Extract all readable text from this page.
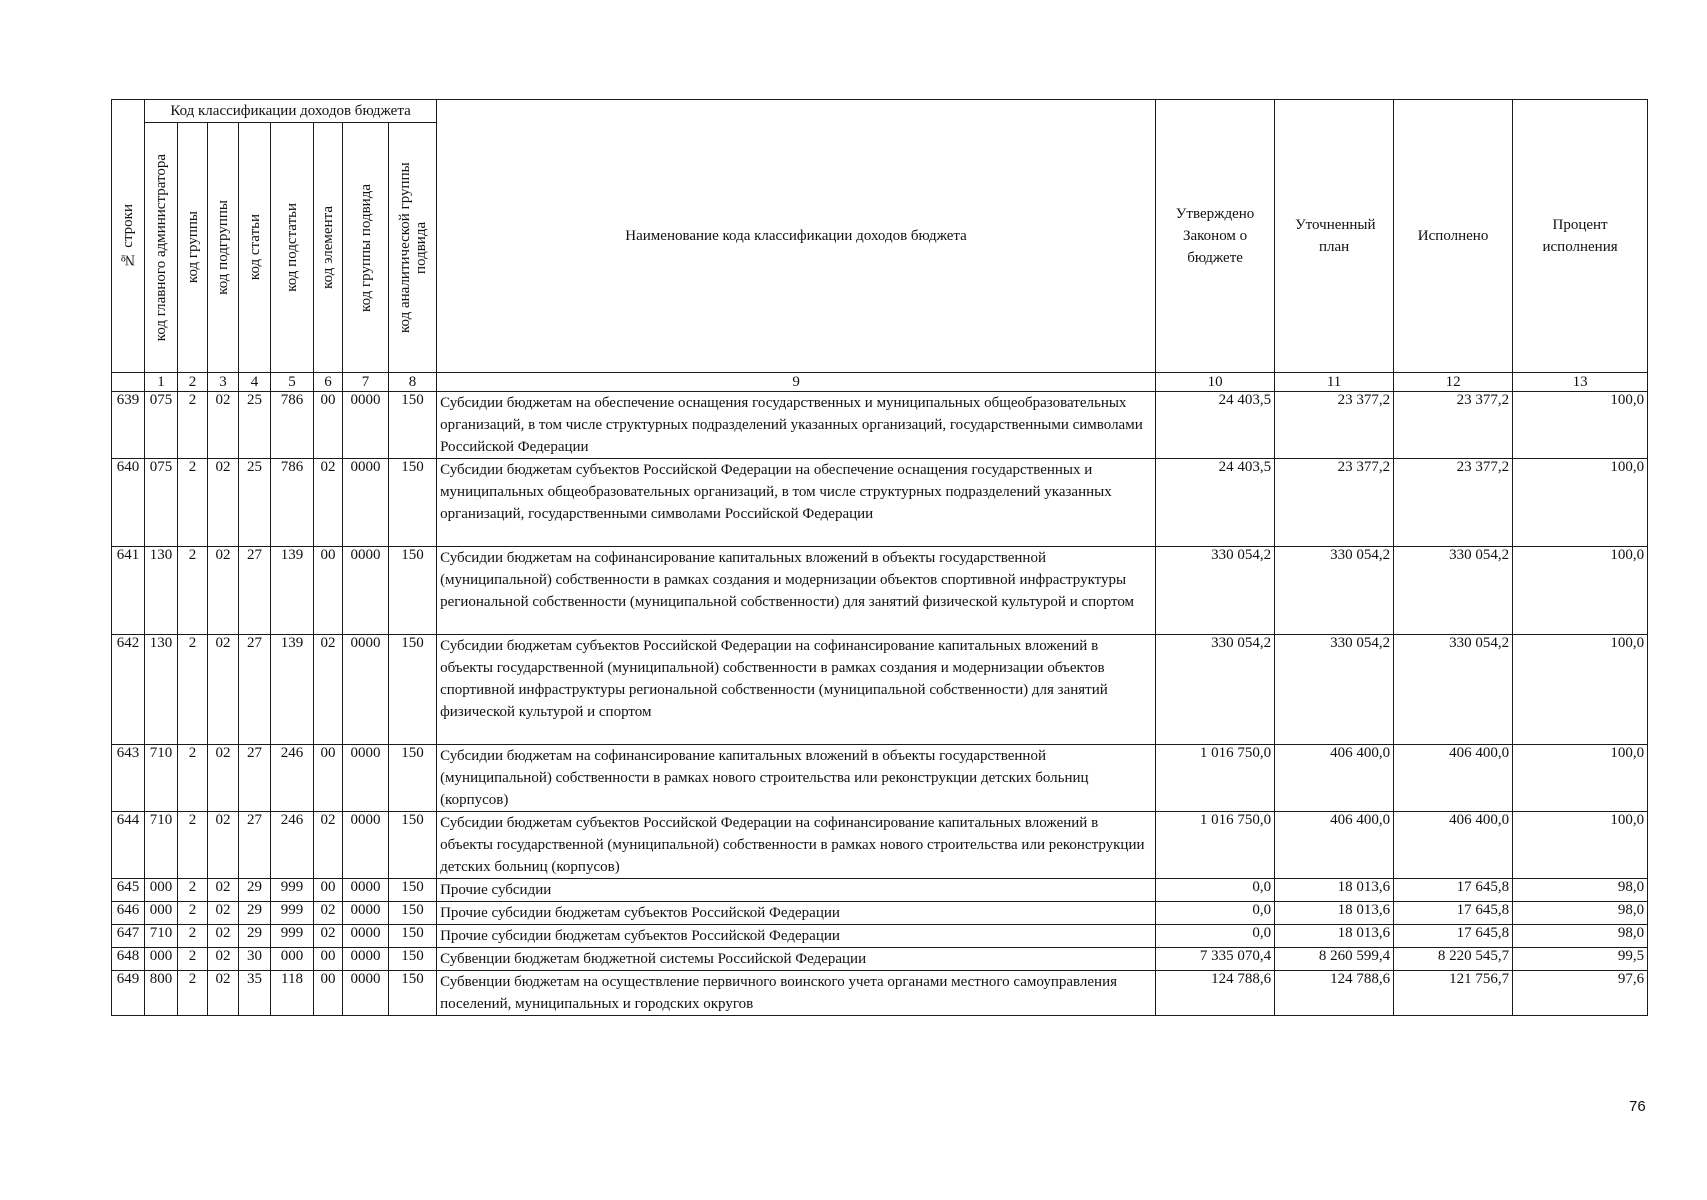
№ строки	Код классификации доходов бюджета								Наименование кода классификации доходов бюджета	Утверждено Законом о бюджете	Уточненный план	Исполнено	Процент исполнения

	код главного администратора	код группы	код подгруппы	код статьи	код подстатьи	код элемента	код группы подвида	код аналитической группы подвида					

	1	2	3	4	5	6	7	8	9	10	11	12	13
639	075	2	02	25	786	00	0000	150	Субсидии бюджетам на обеспечение оснащения государственных и муниципальных общеобразовательных организаций, в том числе структурных подразделений указанных организаций, государственными символами Российской Федерации	24 403,5	23 377,2	23 377,2	100,0
640	075	2	02	25	786	02	0000	150	Субсидии бюджетам субъектов Российской Федерации на обеспечение оснащения государственных и муниципальных общеобразовательных организаций, в том числе структурных подразделений указанных организаций, государственными символами Российской Федерации	24 403,5	23 377,2	23 377,2	100,0
641	130	2	02	27	139	00	0000	150	Субсидии бюджетам на софинансирование капитальных вложений в объекты государственной (муниципальной) собственности в рамках создания и модернизации объектов спортивной инфраструктуры региональной собственности (муниципальной собственности) для занятий физической культурой и спортом	330 054,2	330 054,2	330 054,2	100,0
642	130	2	02	27	139	02	0000	150	Субсидии бюджетам субъектов Российской Федерации на софинансирование капитальных вложений в объекты государственной (муниципальной) собственности в рамках создания и модернизации объектов спортивной инфраструктуры региональной собственности (муниципальной собственности) для занятий физической культурой и спортом	330 054,2	330 054,2	330 054,2	100,0
643	710	2	02	27	246	00	0000	150	Субсидии бюджетам на софинансирование капитальных вложений в объекты государственной (муниципальной) собственности в рамках нового строительства или реконструкции детских больниц (корпусов)	1 016 750,0	406 400,0	406 400,0	100,0
644	710	2	02	27	246	02	0000	150	Субсидии бюджетам субъектов Российской Федерации на софинансирование капитальных вложений в объекты государственной (муниципальной) собственности в рамках нового строительства или реконструкции детских больниц (корпусов)	1 016 750,0	406 400,0	406 400,0	100,0
645	000	2	02	29	999	00	0000	150	Прочие субсидии	0,0	18 013,6	17 645,8	98,0
646	000	2	02	29	999	02	0000	150	Прочие субсидии бюджетам субъектов Российской Федерации	0,0	18 013,6	17 645,8	98,0
647	710	2	02	29	999	02	0000	150	Прочие субсидии бюджетам субъектов Российской Федерации	0,0	18 013,6	17 645,8	98,0
648	000	2	02	30	000	00	0000	150	Субвенции бюджетам бюджетной системы Российской Федерации	7 335 070,4	8 260 599,4	8 220 545,7	99,5
649	800	2	02	35	118	00	0000	150	Субвенции бюджетам на осуществление первичного воинского учета органами местного самоуправления поселений, муниципальных и городских округов	124 788,6	124 788,6	121 756,7	97,6
76
